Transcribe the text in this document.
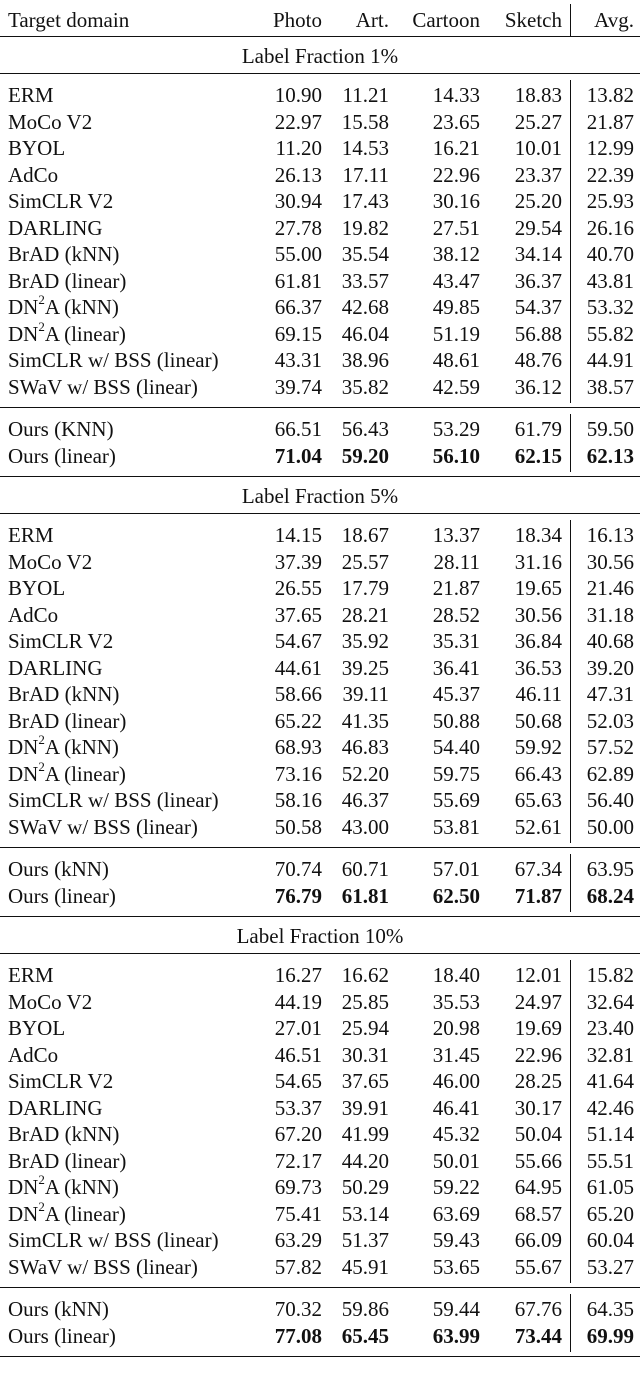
Target domain	Photo Art. Cartoon Sketch Avg.
Label Fraction 1%
ERM	10.90 11.21 14.33 18.83 13.82
MoCo V2	22.97 15.58 23.65 25.27 21.87
BYOL	11.20 14.53 16.21 10.01 12.99
AdCo	26.13 17.11 22.96 23.37 22.39
SimCLR V2	30.94 17.43 30.16 25.20 25.93
DARLING	27.78 19.82 27.51 29.54 26.16
BrAD (kNN)	55.00 35.54 38.12 34.14 40.70
BrAD (linear)	61.81 33.57 43.47 36.37 43.81
$DN^2A$ (kNN)	66.37 42.68 49.85 54.37 53.32
$DN^2A$ (linear)	69.15 46.04 51.19 56.88 55.82
SimCLR w/ BSS (linear)	43.31 38.96 48.61 48.76 44.91
SWaV w/ BSS (linear)	39.74 35.82 42.59 36.12 38.57
Ours (KNN)	66.51 56.43 53.29 61.79 59.50
Ours (linear)	71.04 59.20 56.10 62.15 62.13
Label Fraction 5%
ERM	14.15 18.67 13.37 18.34 16.13
MoCo V2	37.39 25.57 28.11 31.16 30.56
BYOL	26.55 17.79 21.87 19.65 21.46
AdCo	37.65 28.21 28.52 30.56 31.18
SimCLR V2	54.67 35.92 35.31 36.84 40.68
DARLING	44.61 39.25 36.41 36.53 39.20
BrAD (kNN)	58.66 39.11 45.37 46.11 47.31
BrAD (linear)	65.22 41.35 50.88 50.68 52.03
$DN^2A$ (kNN)	68.93 46.83 54.40 59.92 57.52
$DN^2A$ (linear)	73.16 52.20 59.75 66.43 62.89
SimCLR w/ BSS (linear)	58.16 46.37 55.69 65.63 56.40
SWaV w/ BSS (linear)	50.58 43.00 53.81 52.61 50.00
Ours (kNN)	70.74 60.71 57.01 67.34 63.95
Ours (linear)	76.79 61.81 62.50 71.87 68.24
Label Fraction 10%
ERM	16.27 16.62 18.40 12.01 15.82
MoCo V2	44.19 25.85 35.53 24.97 32.64
BYOL	27.01 25.94 20.98 19.69 23.40
AdCo	46.51 30.31 31.45 22.96 32.81
SimCLR V2	54.65 37.65 46.00 28.25 41.64
DARLING	53.37 39.91 46.41 30.17 42.46
BrAD (kNN)	67.20 41.99 45.32 50.04 51.14
BrAD (linear)	72.17 44.20 50.01 55.66 55.51
$DN^2A$ (kNN)	69.73 50.29 59.22 64.95 61.05
$DN^2A$ (linear)	75.41 53.14 63.69 68.57 65.20
SimCLR w/ BSS (linear)	63.29 51.37 59.43 66.09 60.04
SWaV w/ BSS (linear)	57.82 45.91 53.65 55.67 53.27
Ours (kNN)	70.32 59.86 59.44 67.76 64.35
Ours (linear)	77.08 65.45 63.99 73.44 69.99
